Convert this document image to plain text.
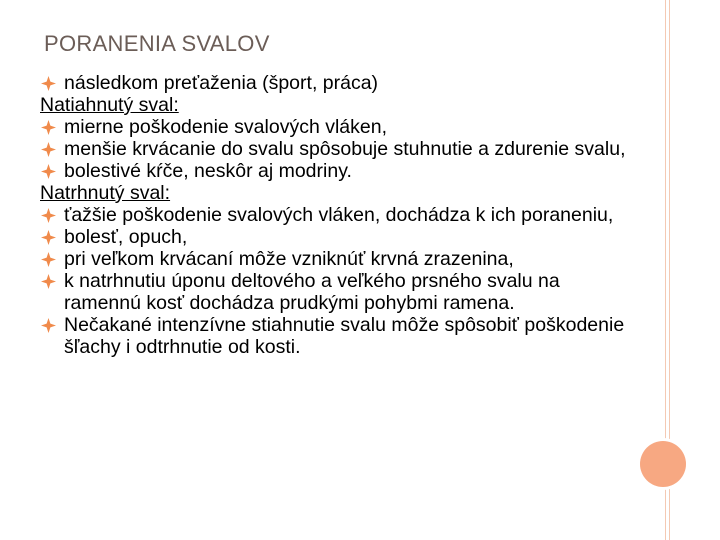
PORANENIA SVALOV
následkom preťaženia (šport, práca)
Natiahnutý sval:
mierne poškodenie svalových vláken,
menšie krvácanie do svalu spôsobuje stuhnutie a zdurenie svalu,
bolestivé kŕče, neskôr aj modriny.
Natrhnutý sval:
ťažšie poškodenie svalových vláken, dochádza k ich poraneniu,
bolesť, opuch,
pri veľkom krvácaní môže vzniknúť krvná zrazenina,
k natrhnutiu úponu deltového a veľkého prsného svalu na ramennú kosť dochádza prudkými pohybmi ramena.
Nečakané intenzívne stiahnutie svalu môže spôsobiť poškodenie šľachy i odtrhnutie od kosti.
